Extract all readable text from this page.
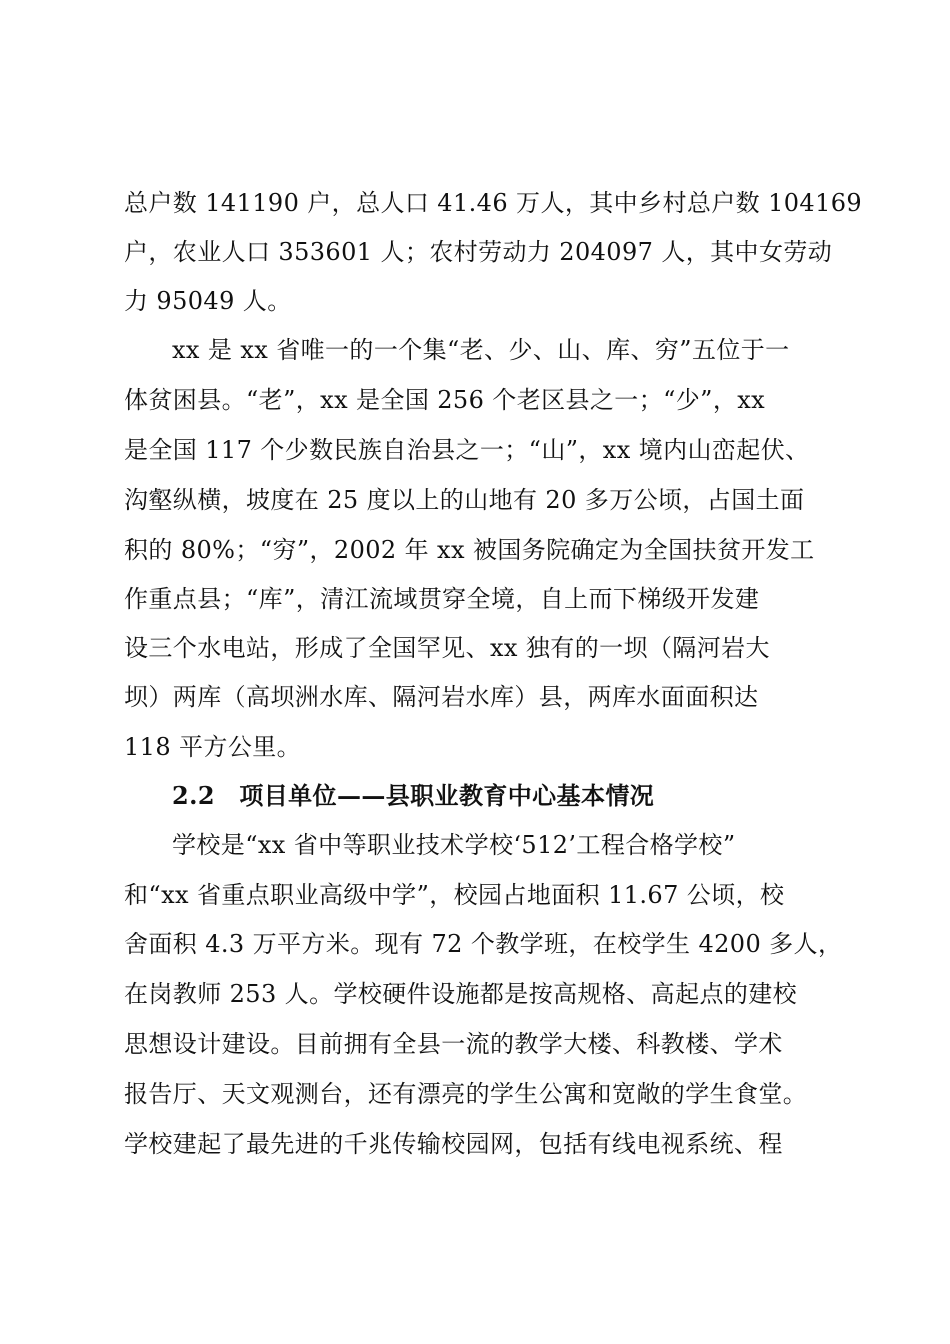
总户数 141190 户，总人口 41.46 万人，其中乡村总户数 104169
户，农业人口 353601 人；农村劳动力 204097 人，其中女劳动
力 95049 人。
xx 是 xx 省唯一的一个集“老、少、山、库、穷”五位于一
体贫困县。“老”，xx 是全国 256 个老区县之一；“少”，xx
是全国 117 个少数民族自治县之一；“山”，xx 境内山峦起伏、
沟壑纵横，坡度在 25 度以上的山地有 20 多万公顷，占国土面
积的 80%；“穷”，2002 年 xx 被国务院确定为全国扶贫开发工
作重点县；“库”，清江流域贯穿全境，自上而下梯级开发建
设三个水电站，形成了全国罕见、xx 独有的一坝（隔河岩大
坝）两库（高坝洲水库、隔河岩水库）县，两库水面面积达
118 平方公里。
2.2　项目单位——县职业教育中心基本情况
学校是“xx 省中等职业技术学校‘512’工程合格学校”
和“xx 省重点职业高级中学”，校园占地面积 11.67 公顷，校
舍面积 4.3 万平方米。现有 72 个教学班，在校学生 4200 多人，
在岗教师 253 人。学校硬件设施都是按高规格、高起点的建校
思想设计建设。目前拥有全县一流的教学大楼、科教楼、学术
报告厅、天文观测台，还有漂亮的学生公寓和宽敞的学生食堂。
学校建起了最先进的千兆传输校园网，包括有线电视系统、程
